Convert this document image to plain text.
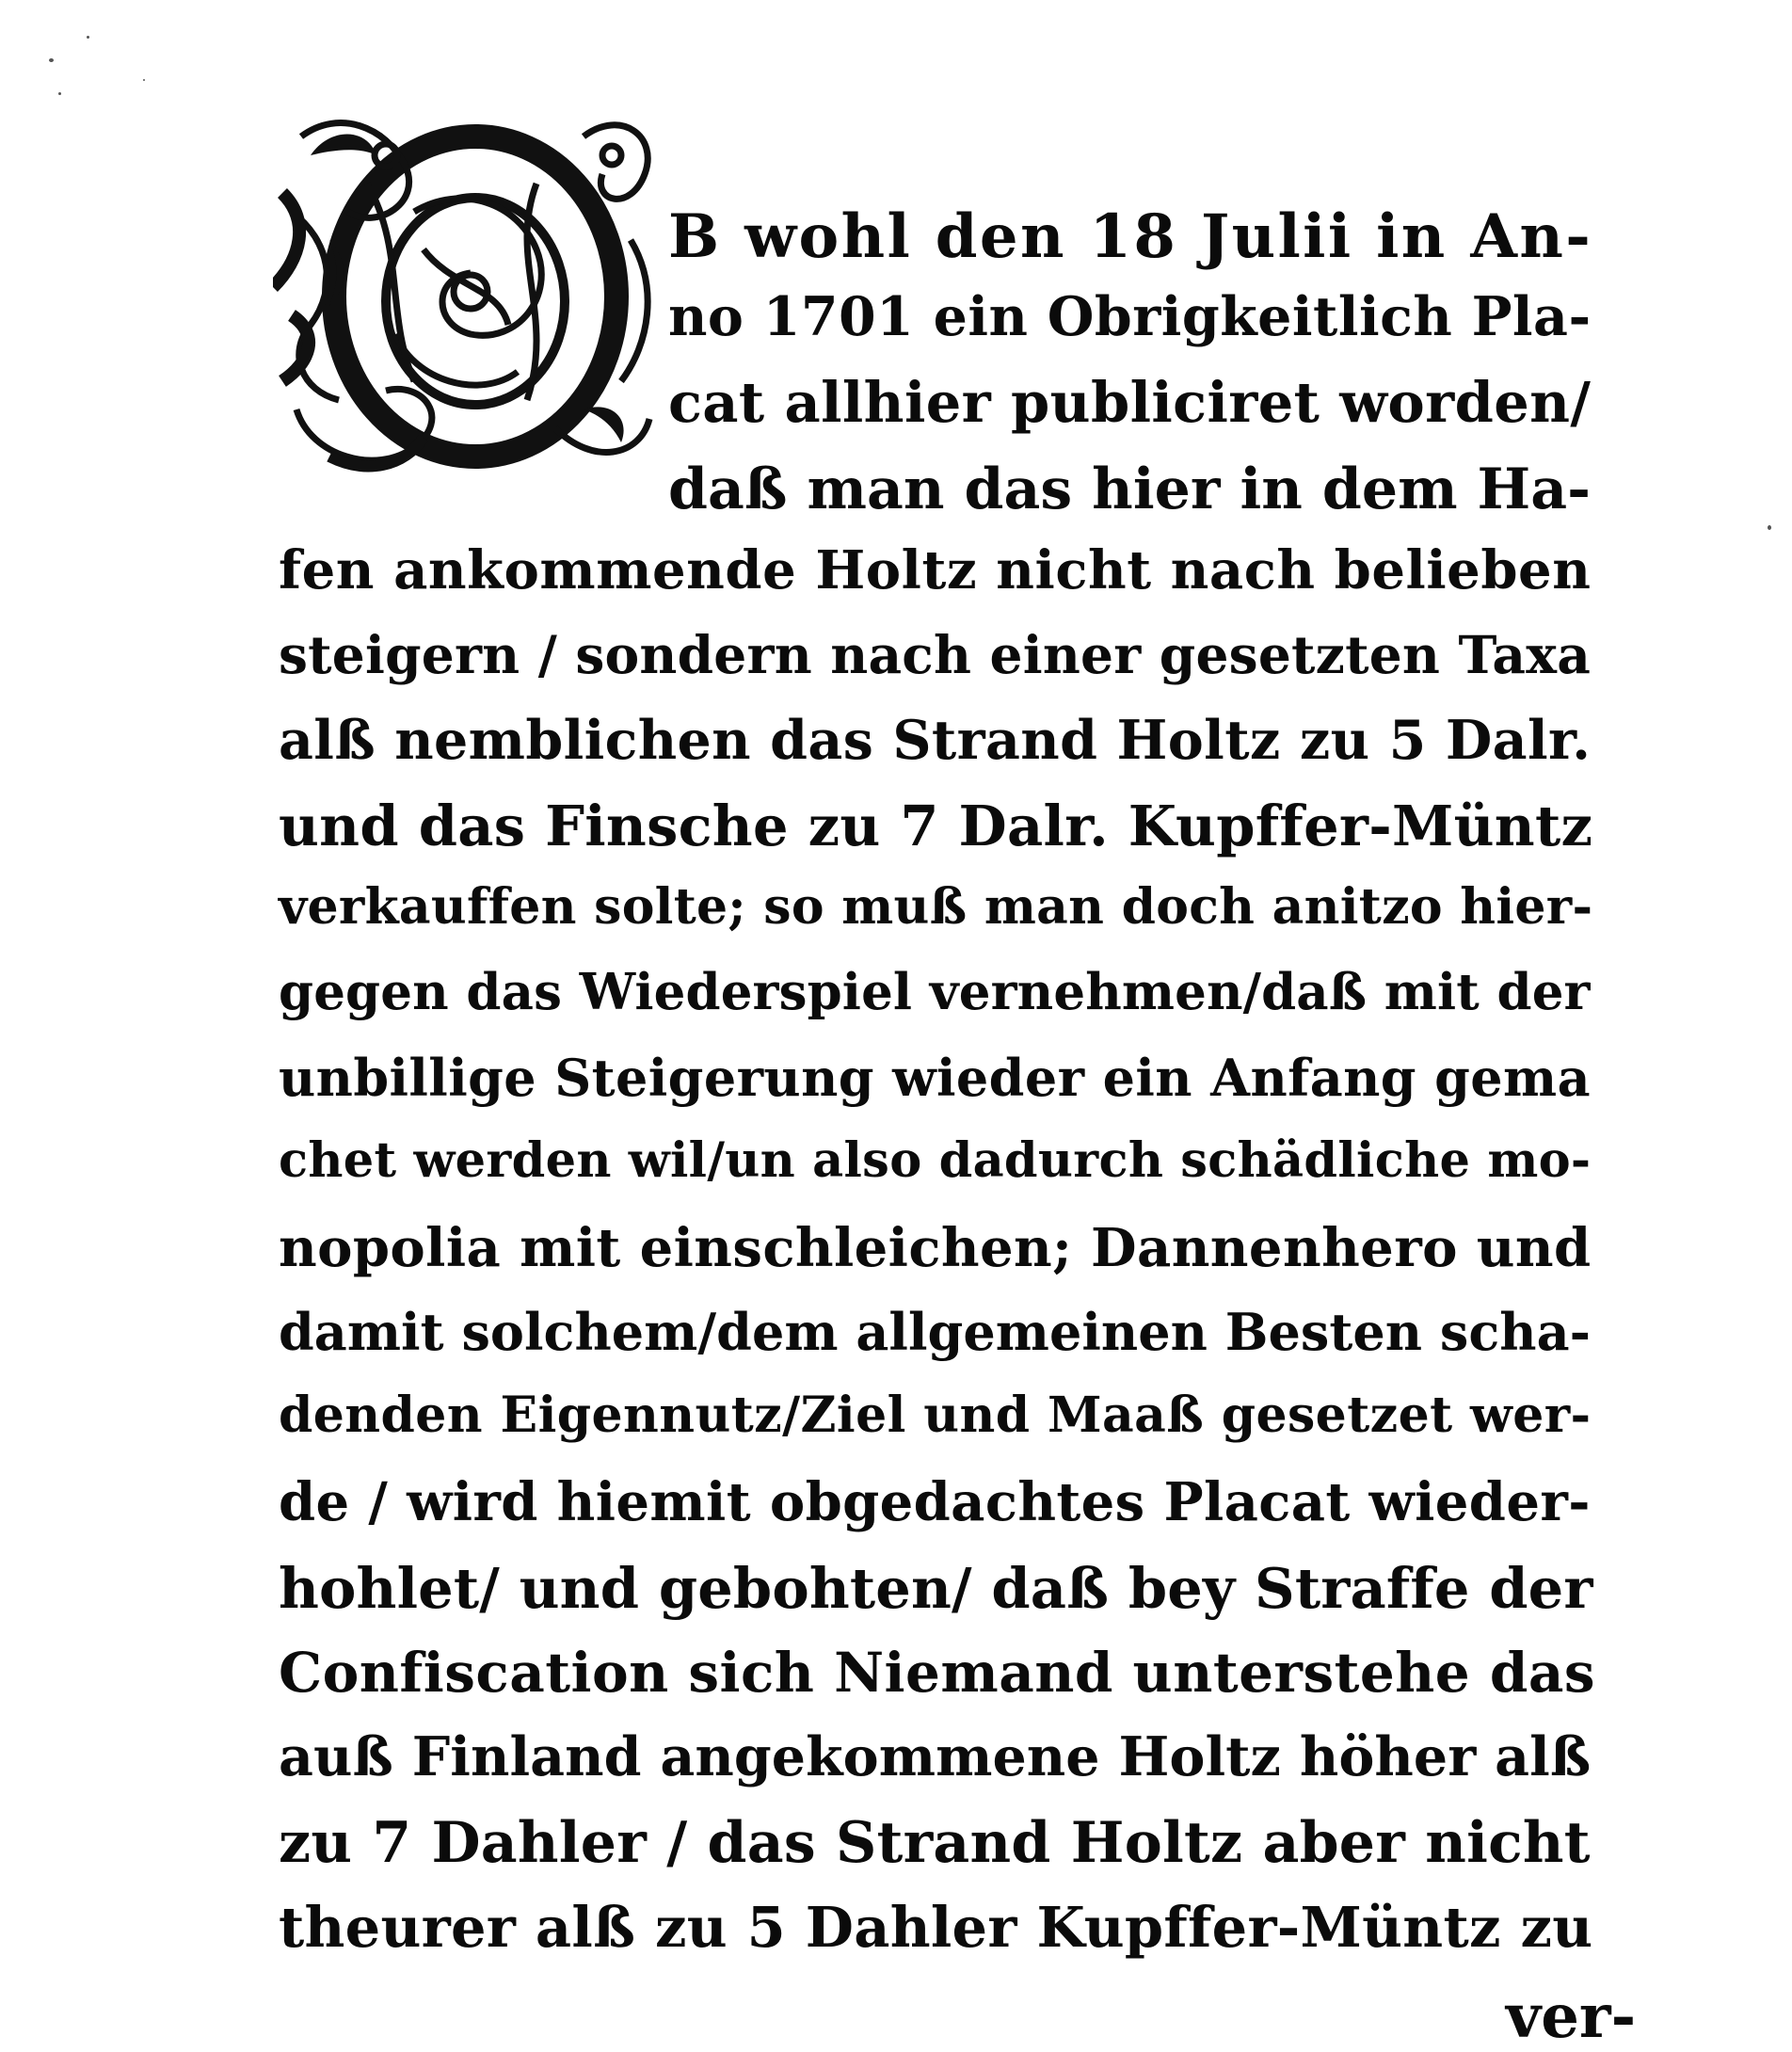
B wohl den 18 Julii in An-
no 1701 ein Obrigkeitlich Pla-
cat allhier publiciret worden/
daß man das hier in dem Ha-
fen ankommende Holtz nicht nach belieben
steigern / sondern nach einer gesetzten Taxa
alß nemblichen das Strand Holtz zu 5 Dalr.
und das Finsche zu 7 Dalr. Kupffer-Müntz
verkauffen solte; so muß man doch anitzo hier-
gegen das Wiederspiel vernehmen/daß mit der
unbillige Steigerung wieder ein Anfang gema
chet werden wil/un also dadurch schädliche mo-
nopolia mit einschleichen; Dannenhero und
damit solchem/dem allgemeinen Besten scha-
denden Eigennutz/Ziel und Maaß gesetzet wer-
de / wird hiemit obgedachtes Placat wieder-
hohlet/ und gebohten/ daß bey Straffe der
Confiscation sich Niemand unterstehe das
auß Finland angekommene Holtz höher alß
zu 7 Dahler / das Strand Holtz aber nicht
theurer alß zu 5 Dahler Kupffer-Müntz zu
ver-
